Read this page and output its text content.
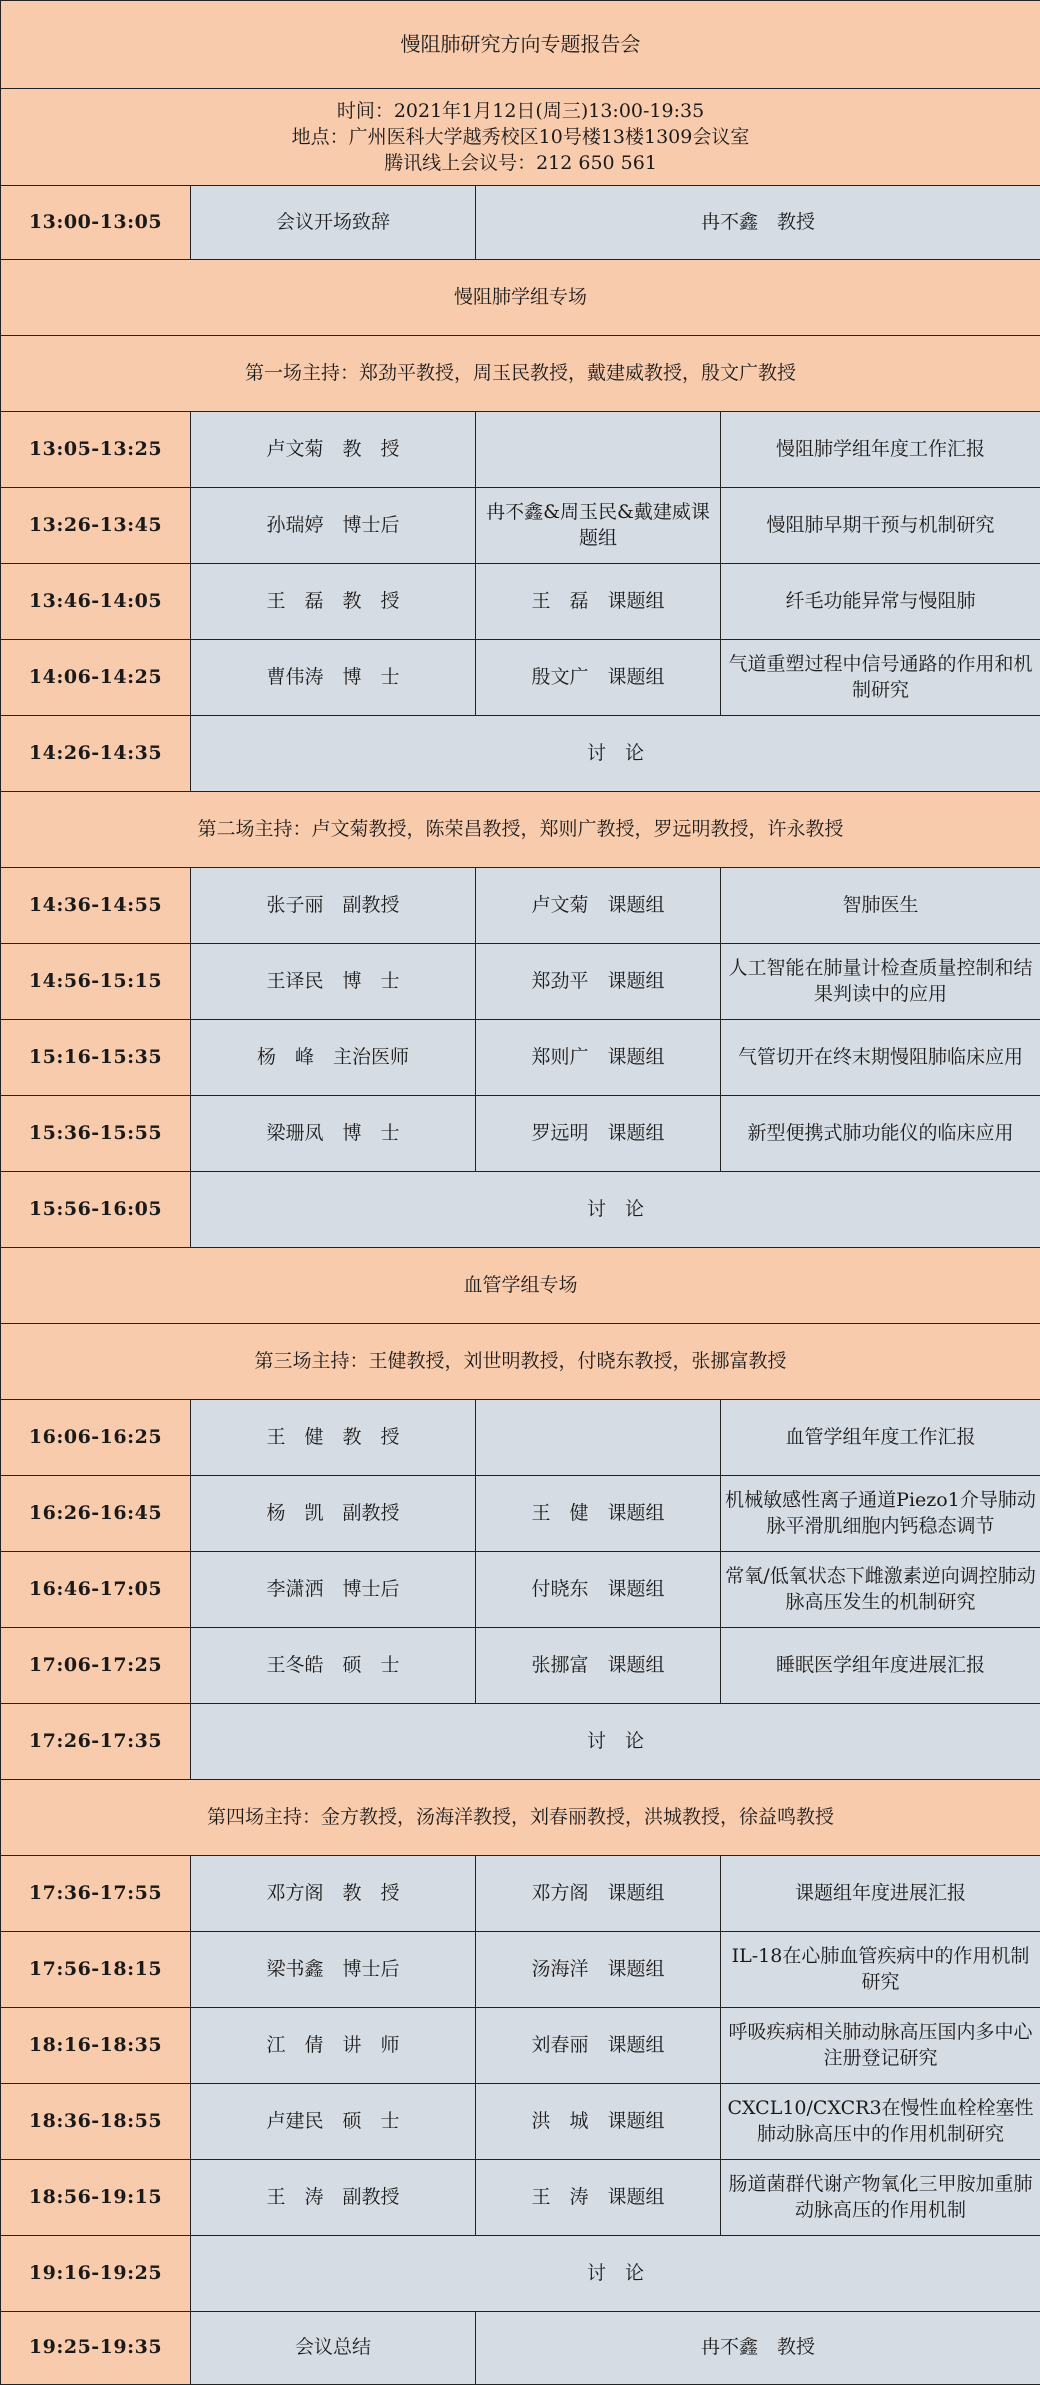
慢阻肺研究方向专题报告会			

时间：2021年1月12日(周三)13:00-19:35
地点：广州医科大学越秀校区10号楼13楼1309会议室
腾讯线上会议号：212 650 561			

13:00-13:05	会议开场致辞	冉不鑫　教授	
慢阻肺学组专场			
第一场主持：郑劲平教授，周玉民教授，戴建威教授，殷文广教授			
13:05-13:25	卢文菊　教　授		慢阻肺学组年度工作汇报
13:26-13:45	孙瑞婷　博士后	冉不鑫&周玉民&戴建威课题组	慢阻肺早期干预与机制研究
13:46-14:05	王　磊　教　授	王　磊　课题组	纤毛功能异常与慢阻肺
14:06-14:25	曹伟涛　博　士	殷文广　课题组	气道重塑过程中信号通路的作用和机制研究
14:26-14:35	讨　论		
第二场主持：卢文菊教授，陈荣昌教授，郑则广教授，罗远明教授，许永教授			
14:36-14:55	张子丽　副教授	卢文菊　课题组	智肺医生
14:56-15:15	王译民　博　士	郑劲平　课题组	人工智能在肺量计检查质量控制和结果判读中的应用
15:16-15:35	杨　峰　主治医师	郑则广　课题组	气管切开在终末期慢阻肺临床应用
15:36-15:55	梁珊凤　博　士	罗远明　课题组	新型便携式肺功能仪的临床应用
15:56-16:05	讨　论		
血管学组专场			
第三场主持：王健教授，刘世明教授，付晓东教授，张挪富教授			
16:06-16:25	王　健　教　授		血管学组年度工作汇报
16:26-16:45	杨　凯　副教授	王　健　课题组	机械敏感性离子通道Piezo1介导肺动脉平滑肌细胞内钙稳态调节
16:46-17:05	李潇洒　博士后	付晓东　课题组	常氧/低氧状态下雌激素逆向调控肺动脉高压发生的机制研究
17:06-17:25	王冬皓　硕　士	张挪富　课题组	睡眠医学组年度进展汇报
17:26-17:35	讨　论		
第四场主持：金方教授，汤海洋教授，刘春丽教授，洪城教授，徐益鸣教授			
17:36-17:55	邓方阁　教　授	邓方阁　课题组	课题组年度进展汇报
17:56-18:15	梁书鑫　博士后	汤海洋　课题组	IL-18在心肺血管疾病中的作用机制研究
18:16-18:35	江　倩　讲　师	刘春丽　课题组	呼吸疾病相关肺动脉高压国内多中心注册登记研究
18:36-18:55	卢建民　硕　士	洪　城　课题组	CXCL10/CXCR3在慢性血栓栓塞性肺动脉高压中的作用机制研究
18:56-19:15	王　涛　副教授	王　涛　课题组	肠道菌群代谢产物氧化三甲胺加重肺动脉高压的作用机制
19:16-19:25	讨　论		
19:25-19:35	会议总结	冉不鑫　教授	
